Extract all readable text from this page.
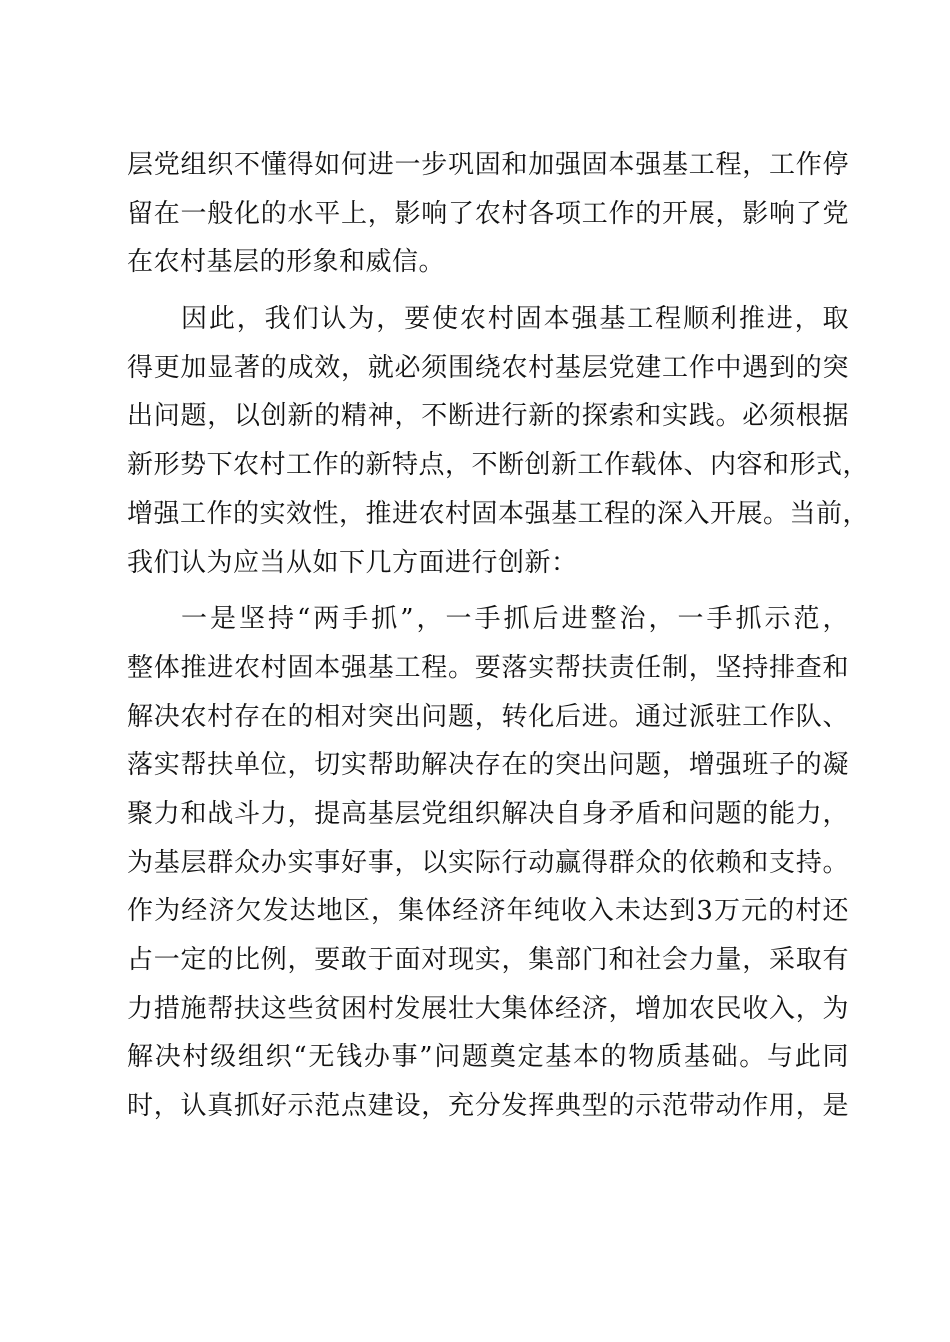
层党组织不懂得如何进一步巩固和加强固本强基工程，工作停
留在一般化的水平上，影响了农村各项工作的开展，影响了党
在农村基层的形象和威信。
因此，我们认为，要使农村固本强基工程顺利推进，取
得更加显著的成效，就必须围绕农村基层党建工作中遇到的突
出问题，以创新的精神，不断进行新的探索和实践。必须根据
新形势下农村工作的新特点，不断创新工作载体、内容和形式，
增强工作的实效性，推进农村固本强基工程的深入开展。当前，
我们认为应当从如下几方面进行创新：
一是坚持“两手抓”，一手抓后进整治，一手抓示范，
整体推进农村固本强基工程。要落实帮扶责任制，坚持排查和
解决农村存在的相对突出问题，转化后进。通过派驻工作队、
落实帮扶单位，切实帮助解决存在的突出问题，增强班子的凝
聚力和战斗力，提高基层党组织解决自身矛盾和问题的能力，
为基层群众办实事好事，以实际行动赢得群众的依赖和支持。
作为经济欠发达地区，集体经济年纯收入未达到3万元的村还
占一定的比例，要敢于面对现实，集部门和社会力量，采取有
力措施帮扶这些贫困村发展壮大集体经济，增加农民收入，为
解决村级组织“无钱办事”问题奠定基本的物质基础。与此同
时，认真抓好示范点建设，充分发挥典型的示范带动作用，是
